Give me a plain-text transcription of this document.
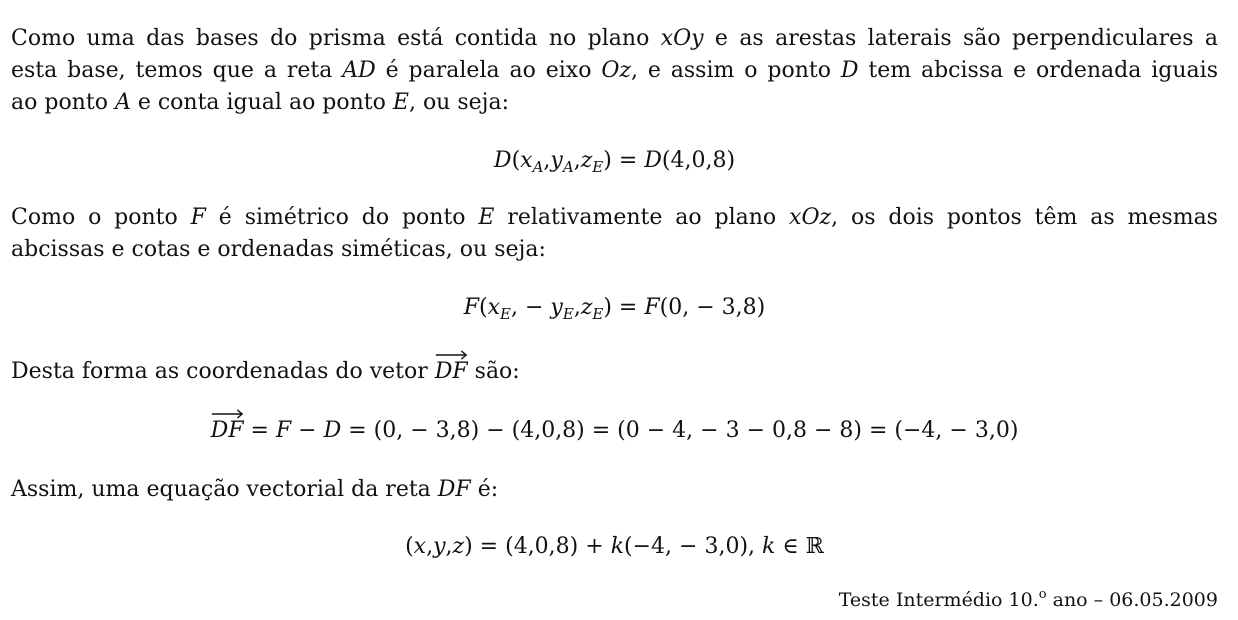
Como uma das bases do prisma está contida no plano xOy e as arestas laterais são perpendiculares a
esta base, temos que a reta AD é paralela ao eixo Oz, e assim o ponto D tem abcissa e ordenada iguais
ao ponto A e conta igual ao ponto E, ou seja:
$D(x_A,y_A,z_E) = D(4,0,8)$
Como o ponto F é simétrico do ponto E relativamente ao plano xOz, os dois pontos têm as mesmas
abcissas e cotas e ordenadas siméticas, ou seja:
$F(x_E$, − $y_E,z_E) = F(0$, − 3,8)
Desta forma as coordenadas do vetor DF
são:
DF
= F − D = (0, − 3,8) − (4,0,8) = (0 − 4, − 3 − 0,8 − 8) = (−4, − 3,0)
Assim, uma equação vectorial da reta DF é:
(x,y,z) = (4,0,8) + k(−4, − 3,0), k ∈ ℝ
Teste Intermédio 10.$^o$ ano – 06.05.2009
